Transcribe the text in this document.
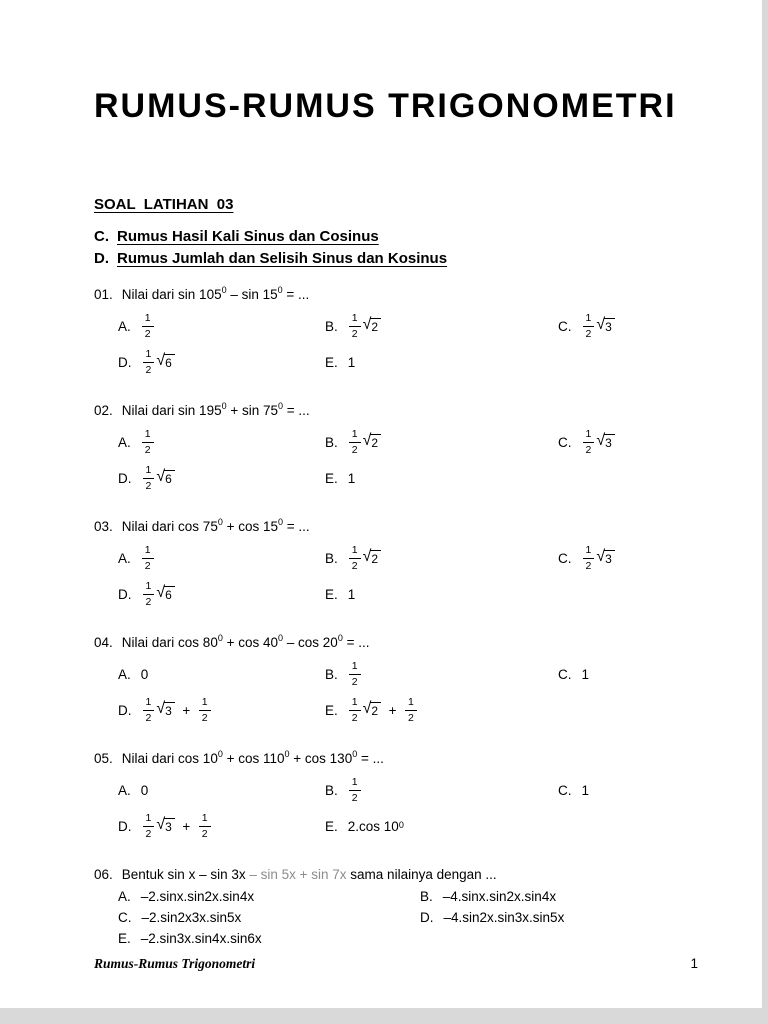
RUMUS-RUMUS TRIGONOMETRI
SOAL  LATIHAN  03
C. Rumus Hasil Kali Sinus dan Cosinus
D. Rumus Jumlah dan Selisih Sinus dan Kosinus
01. Nilai dari $\sin 105^0$ – $\sin 15^0$ = ...
A. $\frac{1}{2}$	B. $\frac{1}{2}$ √ 2	C. $\frac{1}{2}$ √ 3
D. $\frac{1}{2}$ √ 6	E. 1
02. Nilai dari $\sin 195^0 + \sin 75^0$ = ...
A. $\frac{1}{2}$	B. $\frac{1}{2}$ √ 2	C. $\frac{1}{2}$ √ 3
D. $\frac{1}{2}$ √ 6	E. 1
03. Nilai dari $\cos 75^0 + \cos 15^0$ = ...
A. $\frac{1}{2}$	B. $\frac{1}{2}$ √ 2	C. $\frac{1}{2}$ √ 3
D. $\frac{1}{2}$ √ 6	E. 1
04. Nilai dari $\cos 80^0 + \cos 40^0 - \cos 20^0$ = ...
A. 0	B. $\frac{1}{2}$	C. 1
D. $\frac{1}{2}$ √ $3 + \frac{1}{2}$	E. $\frac{1}{2}$ √ $2 + \frac{1}{2}$
05. Nilai dari $\cos 10^0 + \cos 110^0 + \cos 130^0$ = ...
A. 0	B. $\frac{1}{2}$	C. 1
D. $\frac{1}{2}$ √ $3 + \frac{1}{2}$	E. 2.cos $10^0$
06. Bentuk sin x – sin 3x – sin 5x + sin 7x sama nilainya dengan ...
A. –2.sinx.sin2x.sin4x	B. –4.sinx.sin2x.sin4x
C. –2.sin2x3x.sin5x	D. –4.sin2x.sin3x.sin5x
E. –2.sin3x.sin4x.sin6x
Rumus-Rumus Trigonometri	1
